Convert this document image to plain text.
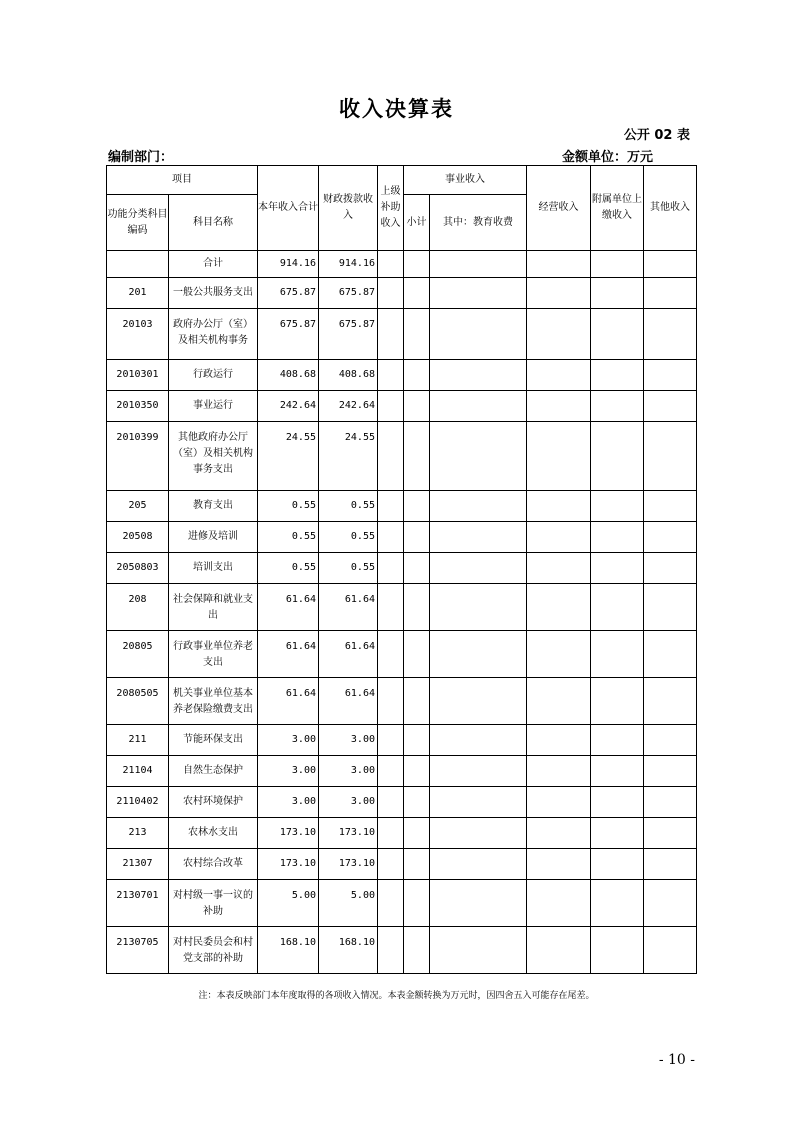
收入决算表
公开 02 表
编制部门：	金额单位：万元
项目		本年收入合计	财政拨款收入	上级补助收入	事业收入		经营收入	附属单位上缴收入	其他收入
功能分类科目编码	科目名称				小计	其中：教育收费			
	合计	914.16	914.16						
201	一般公共服务支出	675.87	675.87						
20103	政府办公厅（室）及相关机构事务	675.87	675.87						
2010301	行政运行	408.68	408.68						
2010350	事业运行	242.64	242.64						
2010399	其他政府办公厅（室）及相关机构事务支出	24.55	24.55						
205	教育支出	0.55	0.55						
20508	进修及培训	0.55	0.55						
2050803	培训支出	0.55	0.55						
208	社会保障和就业支出	61.64	61.64						
20805	行政事业单位养老支出	61.64	61.64						
2080505	机关事业单位基本养老保险缴费支出	61.64	61.64						
211	节能环保支出	3.00	3.00						
21104	自然生态保护	3.00	3.00						
2110402	农村环境保护	3.00	3.00						
213	农林水支出	173.10	173.10						
21307	农村综合改革	173.10	173.10						
2130701	对村级一事一议的补助	5.00	5.00						
2130705	对村民委员会和村党支部的补助	168.10	168.10						
注：本表反映部门本年度取得的各项收入情况。本表金额转换为万元时，因四舍五入可能存在尾差。
- 10 -
